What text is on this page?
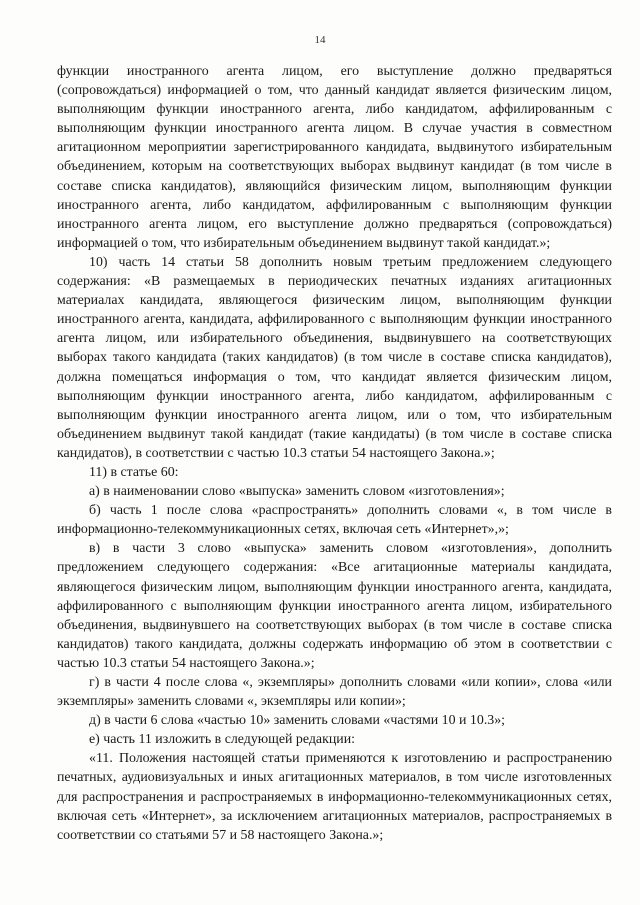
14

функции иностранного агента лицом, его выступление должно предваряться (сопровождаться) информацией о том, что данный кандидат является физическим лицом, выполняющим функции иностранного агента, либо кандидатом, аффилированным с выполняющим функции иностранного агента лицом. В случае участия в совместном агитационном мероприятии зарегистрированного кандидата, выдвинутого избирательным объединением, которым на соответствующих выборах выдвинут кандидат (в том числе в составе списка кандидатов), являющийся физическим лицом, выполняющим функции иностранного агента, либо кандидатом, аффилированным с выполняющим функции иностранного агента лицом, его выступление должно предваряться (сопровождаться) информацией о том, что избирательным объединением выдвинут такой кандидат.»;

10) часть 14 статьи 58 дополнить новым третьим предложением следующего содержания: «В размещаемых в периодических печатных изданиях агитационных материалах кандидата, являющегося физическим лицом, выполняющим функции иностранного агента, кандидата, аффилированного с выполняющим функции иностранного агента лицом, или избирательного объединения, выдвинувшего на соответствующих выборах такого кандидата (таких кандидатов) (в том числе в составе списка кандидатов), должна помещаться информация о том, что кандидат является физическим лицом, выполняющим функции иностранного агента, либо кандидатом, аффилированным с выполняющим функции иностранного агента лицом, или о том, что избирательным объединением выдвинут такой кандидат (такие кандидаты) (в том числе в составе списка кандидатов), в соответствии с частью 10.3 статьи 54 настоящего Закона.»;

11) в статье 60:

а) в наименовании слово «выпуска» заменить словом «изготовления»;

б) часть 1 после слова «распространять» дополнить словами «, в том числе в информационно-телекоммуникационных сетях, включая сеть «Интернет»,»;

в) в части 3 слово «выпуска» заменить словом «изготовления», дополнить предложением следующего содержания: «Все агитационные материалы кандидата, являющегося физическим лицом, выполняющим функции иностранного агента, кандидата, аффилированного с выполняющим функции иностранного агента лицом, избирательного объединения, выдвинувшего на соответствующих выборах (в том числе в составе списка кандидатов) такого кандидата, должны содержать информацию об этом в соответствии с частью 10.3 статьи 54 настоящего Закона.»;

г) в части 4 после слова «, экземпляры» дополнить словами «или копии», слова «или экземпляры» заменить словами «, экземпляры или копии»;

д) в части 6 слова «частью 10» заменить словами «частями 10 и 10.3»;

е) часть 11 изложить в следующей редакции:

«11. Положения настоящей статьи применяются к изготовлению и распространению печатных, аудиовизуальных и иных агитационных материалов, в том числе изготовленных для распространения и распространяемых в информационно-телекоммуникационных сетях, включая сеть «Интернет», за исключением агитационных материалов, распространяемых в соответствии со статьями 57 и 58 настоящего Закона.»;
